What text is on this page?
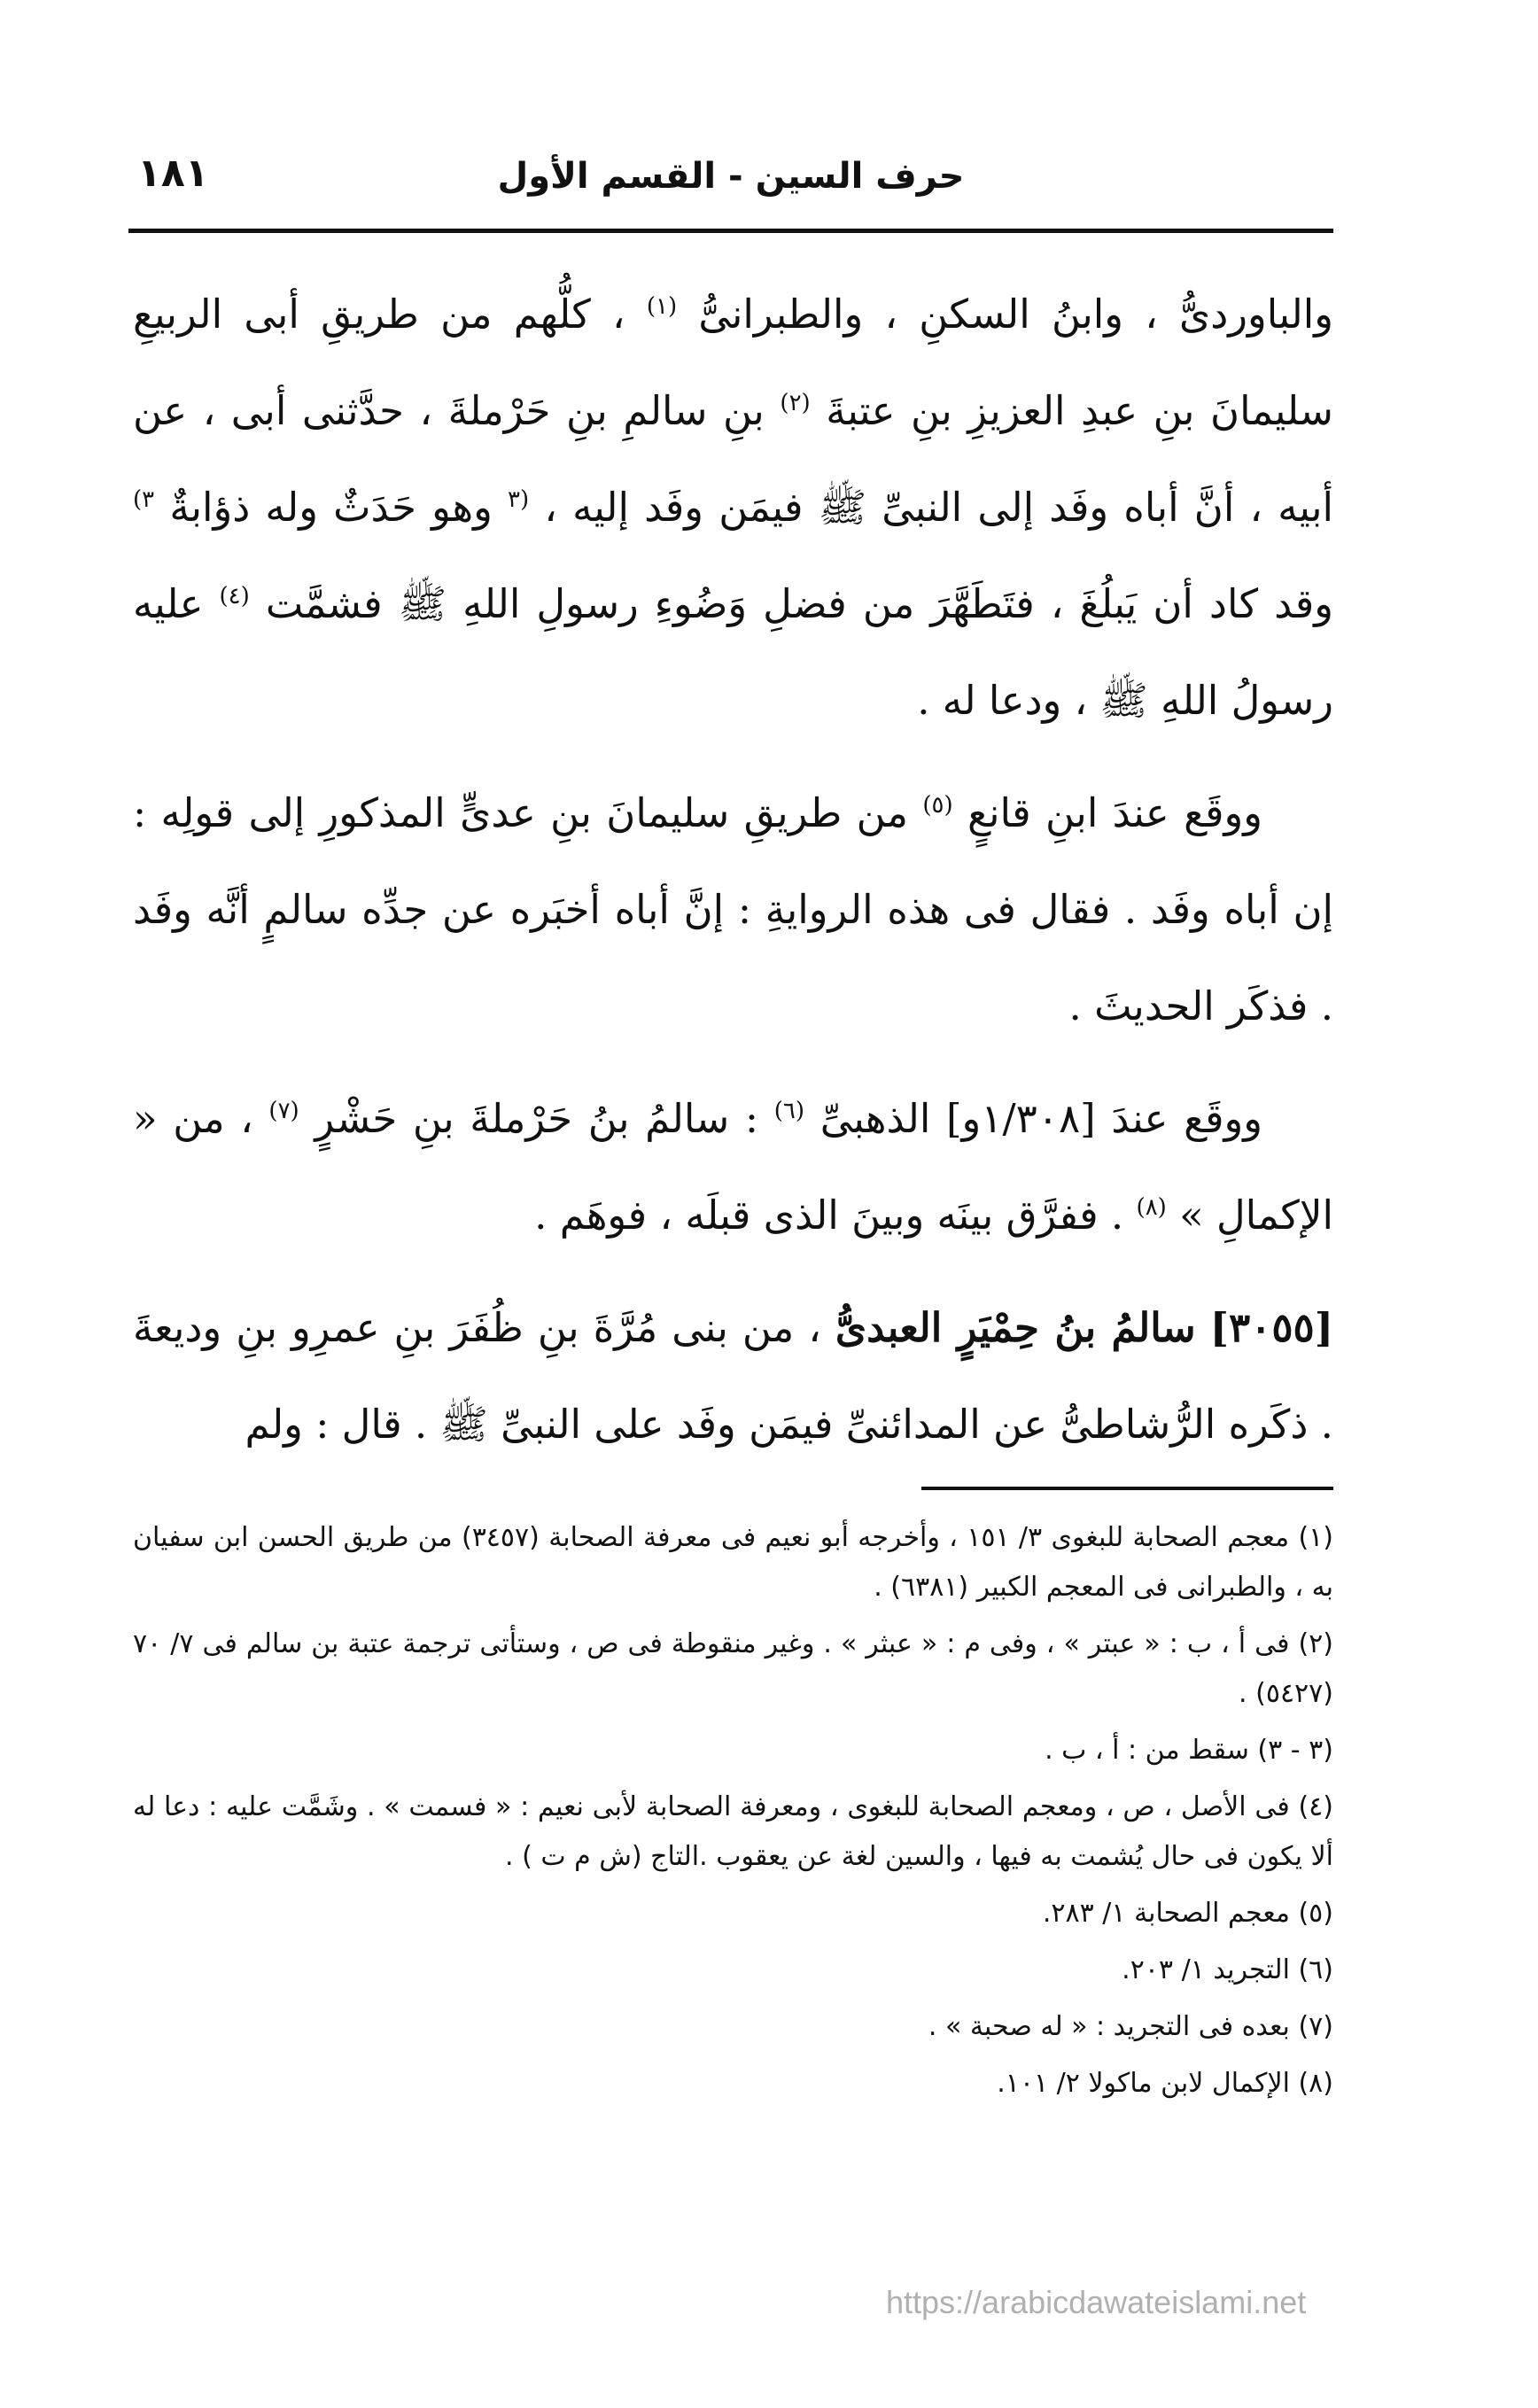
١٨١	حرف السين - القسم الأول

والباوردىُّ ، وابنُ السكنِ ، والطبرانىُّ $^{(١)}$ ، كلُّهم من طريقِ أبى الربيعِ سليمانَ بنِ عبدِ العزيزِ بنِ عتبةَ $^{(٢)}$ بنِ سالمِ بنِ حَرْملةَ ، حدَّثنى أبى ، عن أبيه ، أنَّ أباه وفَد إلى النبىِّ ﷺ فيمَن وفَد إليه ، $^{(٣}$ وهو حَدَثٌ وله ذؤابةٌ $^{٣)}$ وقد كاد أن يَبلُغَ ، فتَطَهَّرَ من فضلِ وَضُوءِ رسولِ اللهِ ﷺ فشمَّت $^{(٤)}$ عليه رسولُ اللهِ ﷺ ، ودعا له .

ووقَع عندَ ابنِ قانعٍ $^{(٥)}$ من طريقِ سليمانَ بنِ عدىٍّ المذكورِ إلى قولِه : إن أباه وفَد . فقال فى هذه الروايةِ : إنَّ أباه أخبَره عن جدِّه سالمٍ أنَّه وفَد . فذكَر الحديثَ .

ووقَع عندَ [١/٣٠٨و] الذهبىِّ $^{(٦)}$ : سالمُ بنُ حَرْملةَ بنِ حَشْرٍ $^{(٧)}$ ، من « الإكمالِ » $^{(٨)}$ . ففرَّق بينَه وبينَ الذى قبلَه ، فوهَم .

[٣٠٥٥] سالمُ بنُ حِمْيَرٍ العبدىُّ ، من بنى مُرَّةَ بنِ ظُفَرَ بنِ عمرِو بنِ وديعةَ . ذكَره الرُّشاطىُّ عن المدائنىِّ فيمَن وفَد على النبىِّ ﷺ . قال : ولم

(١) معجم الصحابة للبغوى ٣/ ١٥١ ، وأخرجه أبو نعيم فى معرفة الصحابة (٣٤٥٧) من طريق الحسن ابن سفيان به ، والطبرانى فى المعجم الكبير (٦٣٨١) .

(٢) فى أ ، ب : « عبتر » ، وفى م : « عبثر » . وغير منقوطة فى ص ، وستأتى ترجمة عتبة بن سالم فى ٧/ ٧٠ (٥٤٢٧) .

(٣ - ٣) سقط من : أ ، ب .

(٤) فى الأصل ، ص ، ومعجم الصحابة للبغوى ، ومعرفة الصحابة لأبى نعيم : « فسمت » . وشَمَّت عليه : دعا له ألا يكون فى حال يُشمت به فيها ، والسين لغة عن يعقوب .التاج (ش م ت ) .

(٥) معجم الصحابة ١/ ٢٨٣.

(٦) التجريد ١/ ٢٠٣.

(٧) بعده فى التجريد : « له صحبة » .

(٨) الإكمال لابن ماكولا ٢/ ١٠١.

https://arabicdawateislami.net
